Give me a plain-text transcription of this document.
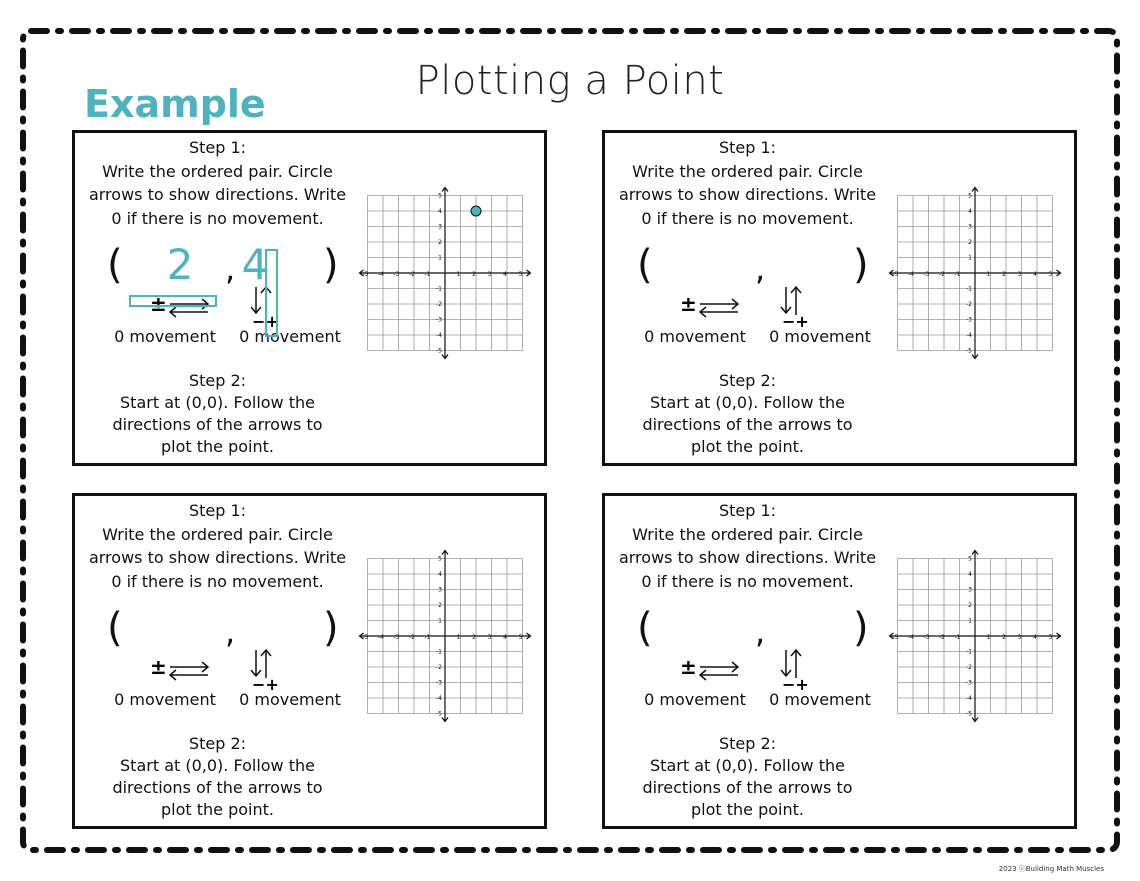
Plotting a Point
Example
Step 1:
Write the ordered pair. Circle
arrows to show directions. Write
0 if there is no movement.
(	, )
2 4
±
−+
0 movement 0 movement
Step 2:
Start at (0,0). Follow the
directions of the arrows to
plot the point.
-5 -4 -3 -2 -1	1 2 3 4 5
5
4
3
2
1
-1
-2
-3
-4
-5
Step 1:
Write the ordered pair. Circle
arrows to show directions. Write
0 if there is no movement.
(	, )
±
−+
0 movement 0 movement
Step 2:
Start at (0,0). Follow the
directions of the arrows to
plot the point.
-5 -4 -3 -2 -1	1 2 3 4 5
5
4
3
2
1
-1
-2
-3
-4
-5
Step 1:
Write the ordered pair. Circle
arrows to show directions. Write
0 if there is no movement.
(	, )
±
−+
0 movement 0 movement
Step 2:
Start at (0,0). Follow the
directions of the arrows to
plot the point.
-5 -4 -3 -2 -1	1 2 3 4 5
5
4
3
2
1
-1
-2
-3
-4
-5
Step 1:
Write the ordered pair. Circle
arrows to show directions. Write
0 if there is no movement.
(	, )
±
−+
0 movement 0 movement
Step 2:
Start at (0,0). Follow the
directions of the arrows to
plot the point.
-5 -4 -3 -2 -1	1 2 3 4 5
5
4
3
2
1
-1
-2
-3
-4
-5
2023 ⓒBuilding Math Muscles
